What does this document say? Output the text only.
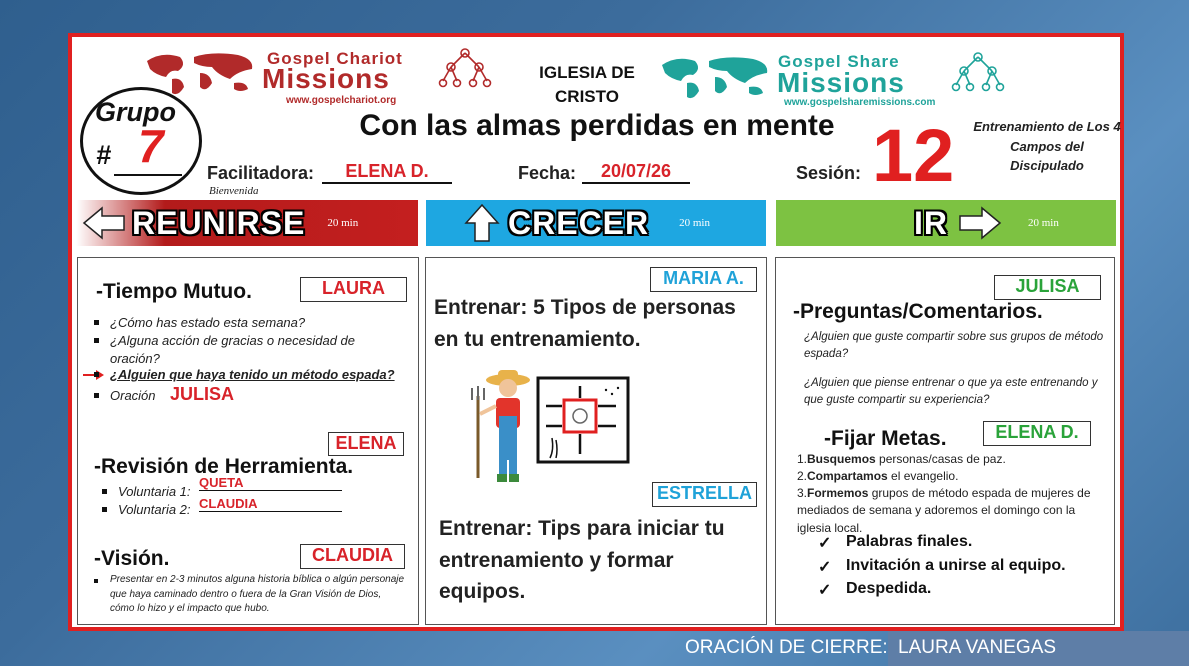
Gospel Chariot
Missions
www.gospelchariot.org
IGLESIA DE
CRISTO
Gospel Share
Missions
www.gospelsharemissions.com
Con las almas perdidas en mente
Grupo
# 7
Facilitadora:	ELENA D.
Bienvenida
Fecha:	20/07/26	Sesión: 12 Entrenamiento de Los 4 Campos del Discipulado
REUNIRSE 20 min	CRECER	20 min	IR	20 min
-Tiempo Mutuo.	LAURA
¿Cómo has estado esta semana?
¿Alguna acción de gracias o necesidad de oración?
¿Alguien que haya tenido un método espada?
Oración JULISA
ELENA
-Revisión de Herramienta.
Voluntaria 1:
QUETA
Voluntaria 2: CLAUDIA
-Visión.	CLAUDIA
Presentar en 2-3 minutos alguna historia bíblica o algún personaje que haya caminado dentro o fuera de la Gran Visión de Dios, cómo lo hizo y el impacto que hubo.
MARIA A.
Entrenar: 5 Tipos de personas en tu entrenamiento.
ESTRELLA
Entrenar: Tips para iniciar tu entrenamiento y formar equipos.
JULISA
-Preguntas/Comentarios.
¿Alguien que guste compartir sobre sus grupos de método espada?
¿Alguien que piense entrenar o que ya este entrenando y que guste compartir su experiencia?
-Fijar Metas.	ELENA D.
1.Busquemos personas/casas de paz.
2.Compartamos el evangelio.
3.Formemos grupos de método espada de mujeres de mediados de semana y adoremos el domingo con la iglesia local.
✓ Palabras finales.
✓ Invitación a unirse al equipo.
✓ Despedida.
ORACIÓN DE CIERRE: LAURA VANEGAS
